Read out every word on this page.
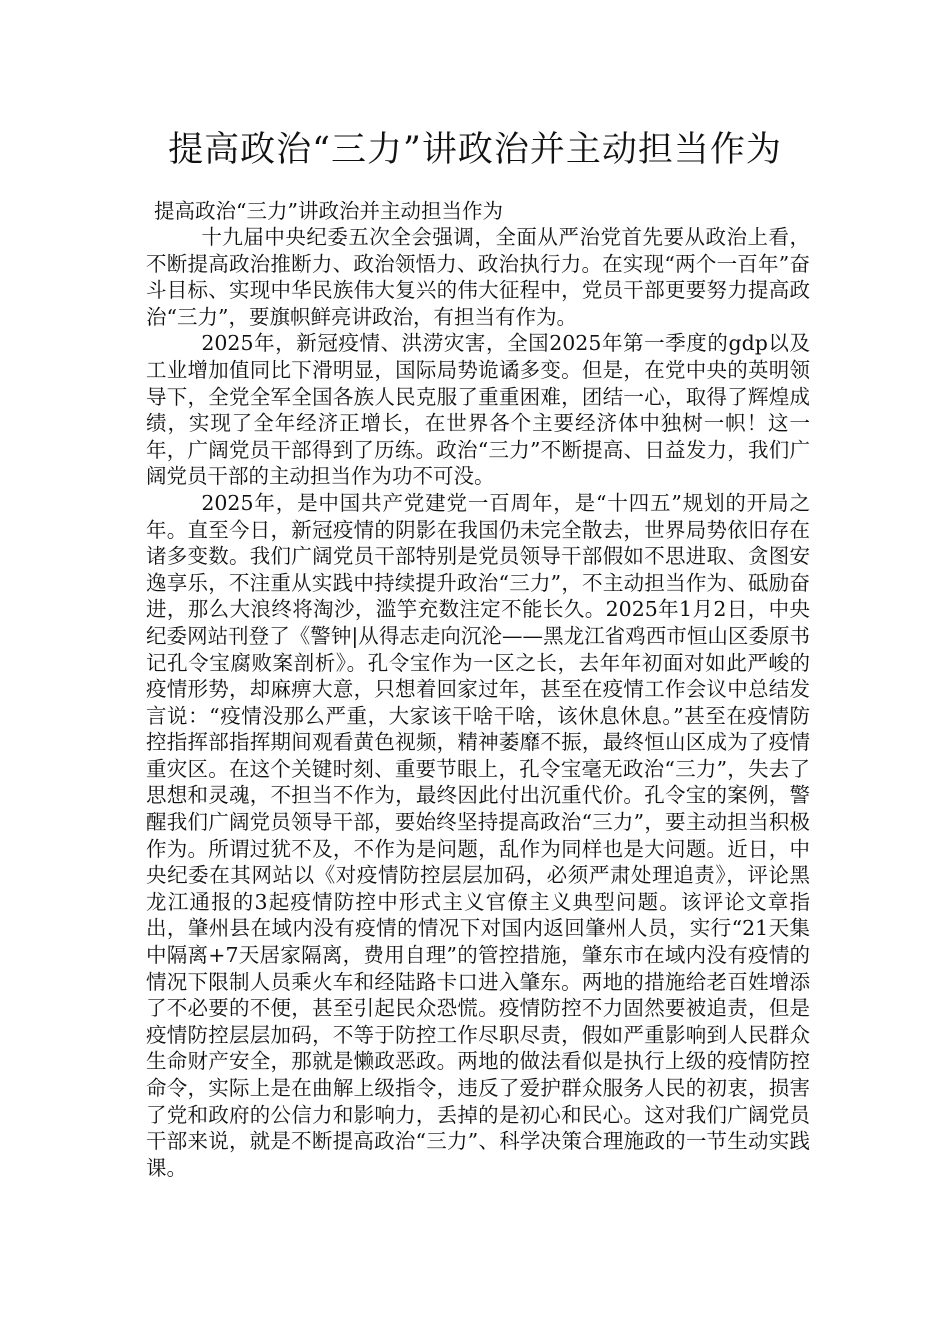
提高政治“三力”讲政治并主动担当作为

提高政治“三力”讲政治并主动担当作为

十九届中央纪委五次全会强调，全面从严治党首先要从政治上看，不断提高政治推断力、政治领悟力、政治执行力。在实现“两个一百年”奋斗目标、实现中华民族伟大复兴的伟大征程中，党员干部更要努力提高政治“三力”，要旗帜鲜亮讲政治，有担当有作为。

2025年，新冠疫情、洪涝灾害，全国2025年第一季度的gdp以及工业增加值同比下滑明显，国际局势诡谲多变。但是，在党中央的英明领导下，全党全军全国各族人民克服了重重困难，团结一心，取得了辉煌成绩，实现了全年经济正增长，在世界各个主要经济体中独树一帜！这一年，广阔党员干部得到了历练。政治“三力”不断提高、日益发力，我们广阔党员干部的主动担当作为功不可没。

2025年，是中国共产党建党一百周年，是“十四五”规划的开局之年。直至今日，新冠疫情的阴影在我国仍未完全散去，世界局势依旧存在诸多变数。我们广阔党员干部特别是党员领导干部假如不思进取、贪图安逸享乐，不注重从实践中持续提升政治“三力”，不主动担当作为、砥励奋进，那么大浪终将淘沙，滥竽充数注定不能长久。2025年1月2日，中央纪委网站刊登了《警钟|从得志走向沉沦——黑龙江省鸡西市恒山区委原书记孔令宝腐败案剖析》。孔令宝作为一区之长，去年年初面对如此严峻的疫情形势，却麻痹大意，只想着回家过年，甚至在疫情工作会议中总结发言说：“疫情没那么严重，大家该干啥干啥，该休息休息。”甚至在疫情防控指挥部指挥期间观看黄色视频，精神萎靡不振，最终恒山区成为了疫情重灾区。在这个关键时刻、重要节眼上，孔令宝毫无政治“三力”，失去了思想和灵魂，不担当不作为，最终因此付出沉重代价。孔令宝的案例，警醒我们广阔党员领导干部，要始终坚持提高政治“三力”，要主动担当积极作为。所谓过犹不及，不作为是问题，乱作为同样也是大问题。近日，中央纪委在其网站以《对疫情防控层层加码，必须严肃处理追责》，评论黑龙江通报的3起疫情防控中形式主义官僚主义典型问题。该评论文章指出，肇州县在域内没有疫情的情况下对国内返回肇州人员，实行“21天集中隔离+7天居家隔离，费用自理”的管控措施，肇东市在域内没有疫情的情况下限制人员乘火车和经陆路卡口进入肇东。两地的措施给老百姓增添了不必要的不便，甚至引起民众恐慌。疫情防控不力固然要被追责，但是疫情防控层层加码，不等于防控工作尽职尽责，假如严重影响到人民群众生命财产安全，那就是懒政恶政。两地的做法看似是执行上级的疫情防控命令，实际上是在曲解上级指令，违反了爱护群众服务人民的初衷，损害了党和政府的公信力和影响力，丢掉的是初心和民心。这对我们广阔党员干部来说，就是不断提高政治“三力”、科学决策合理施政的一节生动实践课。
